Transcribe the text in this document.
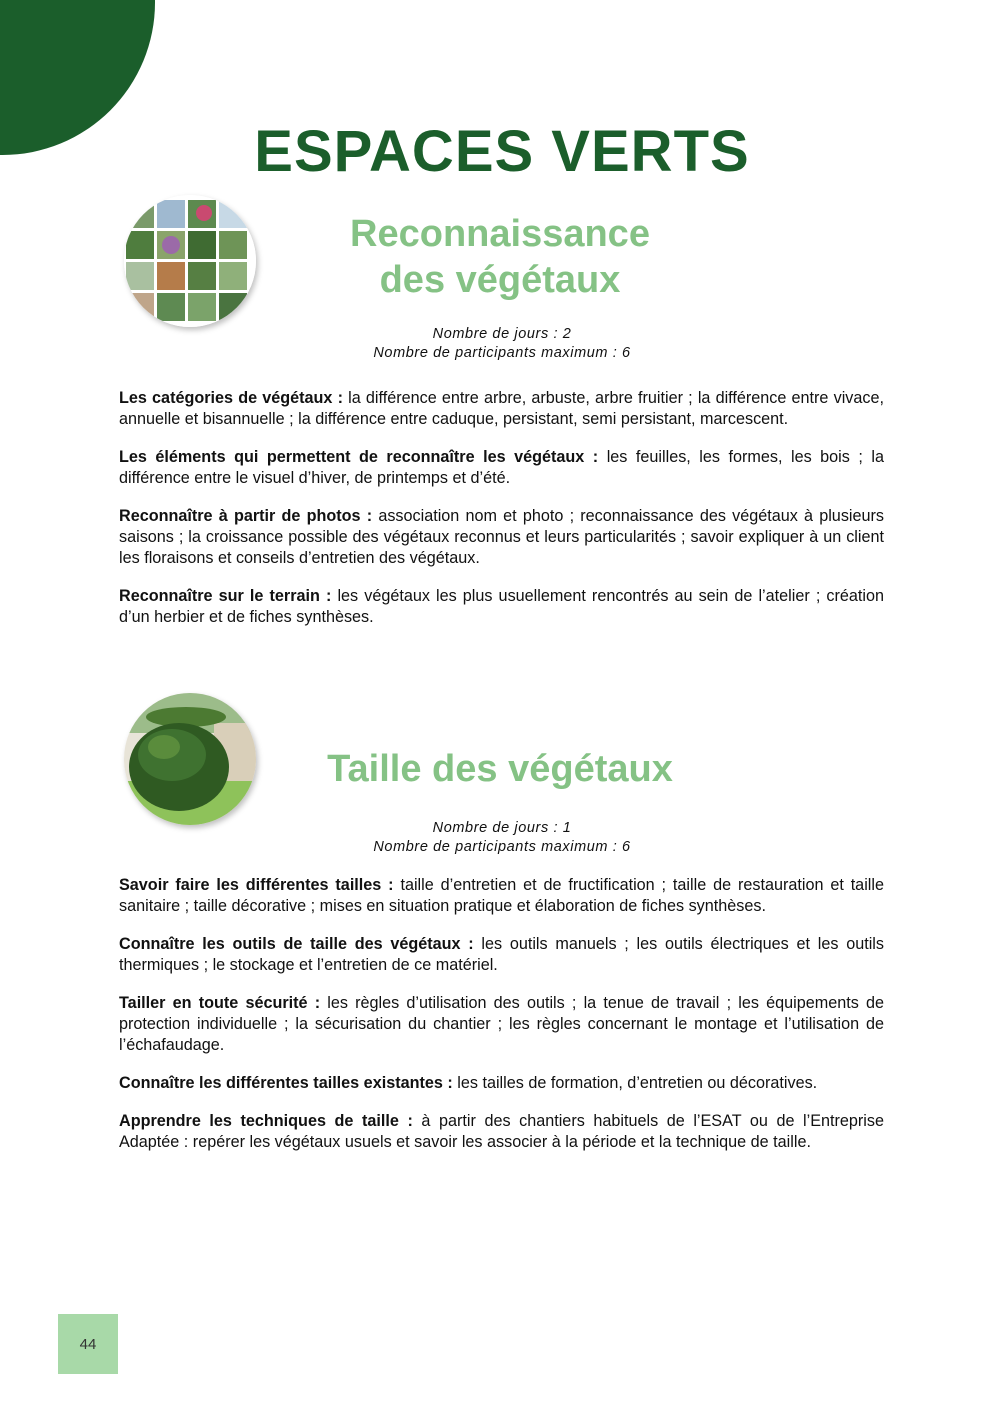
ESPACES VERTS
Reconnaissance
des végétaux
Nombre de jours : 2
Nombre de participants maximum : 6

Les catégories de végétaux : la différence entre arbre, arbuste, arbre fruitier ; la différence entre vivace, annuelle et bisannuelle ; la différence entre caduque, persistant, semi persistant, marcescent.

Les éléments qui permettent de reconnaître les végétaux : les feuilles, les formes, les bois ; la différence entre le visuel d’hiver, de printemps et d’été.

Reconnaître à partir de photos : association nom et photo ; reconnaissance des végétaux à plusieurs saisons ; la croissance possible des végétaux reconnus et leurs particularités ; savoir expliquer à un client les floraisons et conseils d’entretien des végétaux.

Reconnaître sur le terrain : les végétaux les plus usuellement rencontrés au sein de l’atelier ; création d’un herbier et de fiches synthèses.

Taille des végétaux
Nombre de jours : 1
Nombre de participants maximum : 6

Savoir faire les différentes tailles : taille d’entretien et de fructification ; taille de restauration et taille sanitaire ; taille décorative ; mises en situation pratique et élaboration de fiches synthèses.

Connaître les outils de taille des végétaux : les outils manuels ; les outils électriques et les outils thermiques ; le stockage et l’entretien de ce matériel.

Tailler en toute sécurité : les règles d’utilisation des outils ; la tenue de travail ; les équipements de protection individuelle ; la sécurisation du chantier ; les règles concernant le montage et l’utilisation de l’échafaudage.

Connaître les différentes tailles existantes : les tailles de formation, d’entretien ou décoratives.

Apprendre les techniques de taille : à partir des chantiers habituels de l’ESAT ou de l’Entreprise Adaptée : repérer les végétaux usuels et savoir les associer à la période et la technique de taille.

44
